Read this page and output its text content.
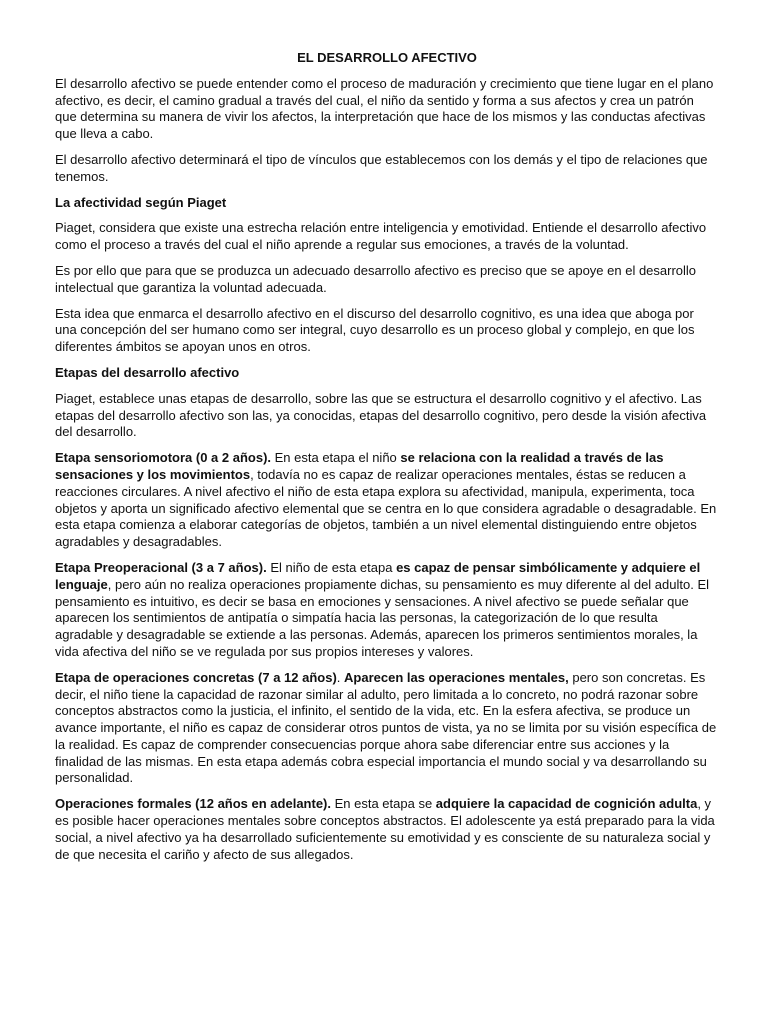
EL DESARROLLO AFECTIVO

El desarrollo afectivo se puede entender como el proceso de maduración y crecimiento que tiene lugar en el plano afectivo, es decir, el camino gradual a través del cual, el niño da sentido y forma a sus afectos y crea un patrón que determina su manera de vivir los afectos, la interpretación que hace de los mismos y las conductas afectivas que lleva a cabo.

El desarrollo afectivo determinará el tipo de vínculos que establecemos con los demás y el tipo de relaciones que tenemos.

La afectividad según Piaget

Piaget, considera que existe una estrecha relación entre inteligencia y emotividad. Entiende el desarrollo afectivo como el proceso a través del cual el niño aprende a regular sus emociones, a través de la voluntad.

Es por ello que para que se produzca un adecuado desarrollo afectivo es preciso que se apoye en el desarrollo intelectual que garantiza la voluntad adecuada.

Esta idea que enmarca el desarrollo afectivo en el discurso del desarrollo cognitivo, es una idea que aboga por una concepción del ser humano como ser integral, cuyo desarrollo es un proceso global y complejo, en que los diferentes ámbitos se apoyan unos en otros.

Etapas del desarrollo afectivo

Piaget, establece unas etapas de desarrollo, sobre las que se estructura el desarrollo cognitivo y el afectivo. Las etapas del desarrollo afectivo son las, ya conocidas, etapas del desarrollo cognitivo, pero desde la visión afectiva del desarrollo.

Etapa sensoriomotora (0 a 2 años). En esta etapa el niño se relaciona con la realidad a través de las sensaciones y los movimientos, todavía no es capaz de realizar operaciones mentales, éstas se reducen a reacciones circulares. A nivel afectivo el niño de esta etapa explora su afectividad, manipula, experimenta, toca objetos y aporta un significado afectivo elemental que se centra en lo que considera agradable o desagradable. En esta etapa comienza a elaborar categorías de objetos, también a un nivel elemental distinguiendo entre objetos agradables y desagradables.

Etapa Preoperacional (3 a 7 años). El niño de esta etapa es capaz de pensar simbólicamente y adquiere el lenguaje, pero aún no realiza operaciones propiamente dichas, su pensamiento es muy diferente al del adulto. El pensamiento es intuitivo, es decir se basa en emociones y sensaciones. A nivel afectivo se puede señalar que aparecen los sentimientos de antipatía o simpatía hacia las personas, la categorización de lo que resulta agradable y desagradable se extiende a las personas. Además, aparecen los primeros sentimientos morales, la vida afectiva del niño se ve regulada por sus propios intereses y valores.

Etapa de operaciones concretas (7 a 12 años). Aparecen las operaciones mentales, pero son concretas. Es decir, el niño tiene la capacidad de razonar similar al adulto, pero limitada a lo concreto, no podrá razonar sobre conceptos abstractos como la justicia, el infinito, el sentido de la vida, etc. En la esfera afectiva, se produce un avance importante, el niño es capaz de considerar otros puntos de vista, ya no se limita por su visión específica de la realidad. Es capaz de comprender consecuencias porque ahora sabe diferenciar entre sus acciones y la finalidad de las mismas. En esta etapa además cobra especial importancia el mundo social y va desarrollando su personalidad.

Operaciones formales (12 años en adelante). En esta etapa se adquiere la capacidad de cognición adulta, y es posible hacer operaciones mentales sobre conceptos abstractos. El adolescente ya está preparado para la vida social, a nivel afectivo ya ha desarrollado suficientemente su emotividad y es consciente de su naturaleza social y de que necesita el cariño y afecto de sus allegados.
